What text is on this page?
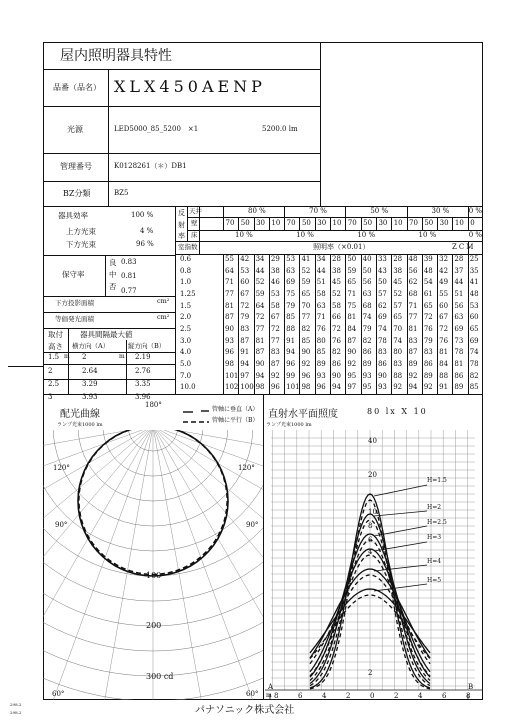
屋内照明器具特性
品番（品名） XLX450AENP
光源	LED5000_85_5200　×1	5200.0 lm
管理番号	K0128261（＊）DB1
BZ分類	BZ5
器具効率	100 %
上方光束	4 %
下方光束	96 %
保守率
良 0.83
中 0.81
否 0.77
下方投影面積	cm²
等価発光面積	cm²
取付
高さ
器具間隔最大値
横方向（A）	縦方向（B）
1.5	2	2.19
m	m
2	2.64	2.76
2.5	3.29	3.35
3	3.93	3.96
反
射
率
天井
壁
床
室指数	照明率（×0.01）	ZCM
80 %	70 %	50 %	30 %	0 %
70 50 30 10 70 50 30 10 70 50 30 10 70 50 30 10 0
10 %	10 %	10 %	10 %	0 %
0.6	55 42 34 29 53 41 34 28 50 40 33 28 48 39 32 28 25
0.8	64 53 44 38 63 52 44 38 59 50 43 38 56 48 42 37 35
1.0	71 60 52 46 69 59 51 45 65 56 50 45 62 54 49 44 41
1.25	77 67 59 53 75 65 58 52 71 63 57 52 68 61 55 51 48
1.5	81 72 64 58 79 70 63 58 75 68 62 57 71 65 60 56 53
2.0	87 79 72 67 85 77 71 66 81 74 69 65 77 72 67 63 60
2.5	90 83 77 72 88 82 76 72 84 79 74 70 81 76 72 69 65
3.0	93 87 81 77 91 85 80 76 87 82 78 74 83 79 76 73 69
4.0	96 91 87 83 94 90 85 82 90 86 83 80 87 83 81 78 74
5.0	98 94 90 87 96 92 89 86 92 89 86 83 89 86 84 81 78
7.0	101 97 94 92 99 96 93 90 95 93 90 88 92 89 88 86 82
10.0	102 100 98 96 101 98 96 94 97 95 93 92 94 92 91 89 85
配光曲線
ランプ光束1000 lm
管軸に垂直（A）
管軸に平行（B）
180°
120°	120°
90°	90°
60°	60°
100
200
300 cd
直射水平面照度
ランプ光束1000 lm
80 lx X 10
40
20
10
8
6
4
2
8	6	4	2	0	2	4	6	8
m
A	B
H=1.5
H=2
H=2.5
H=3
H=4
H=5
パナソニック株式会社
298.2
298.2
